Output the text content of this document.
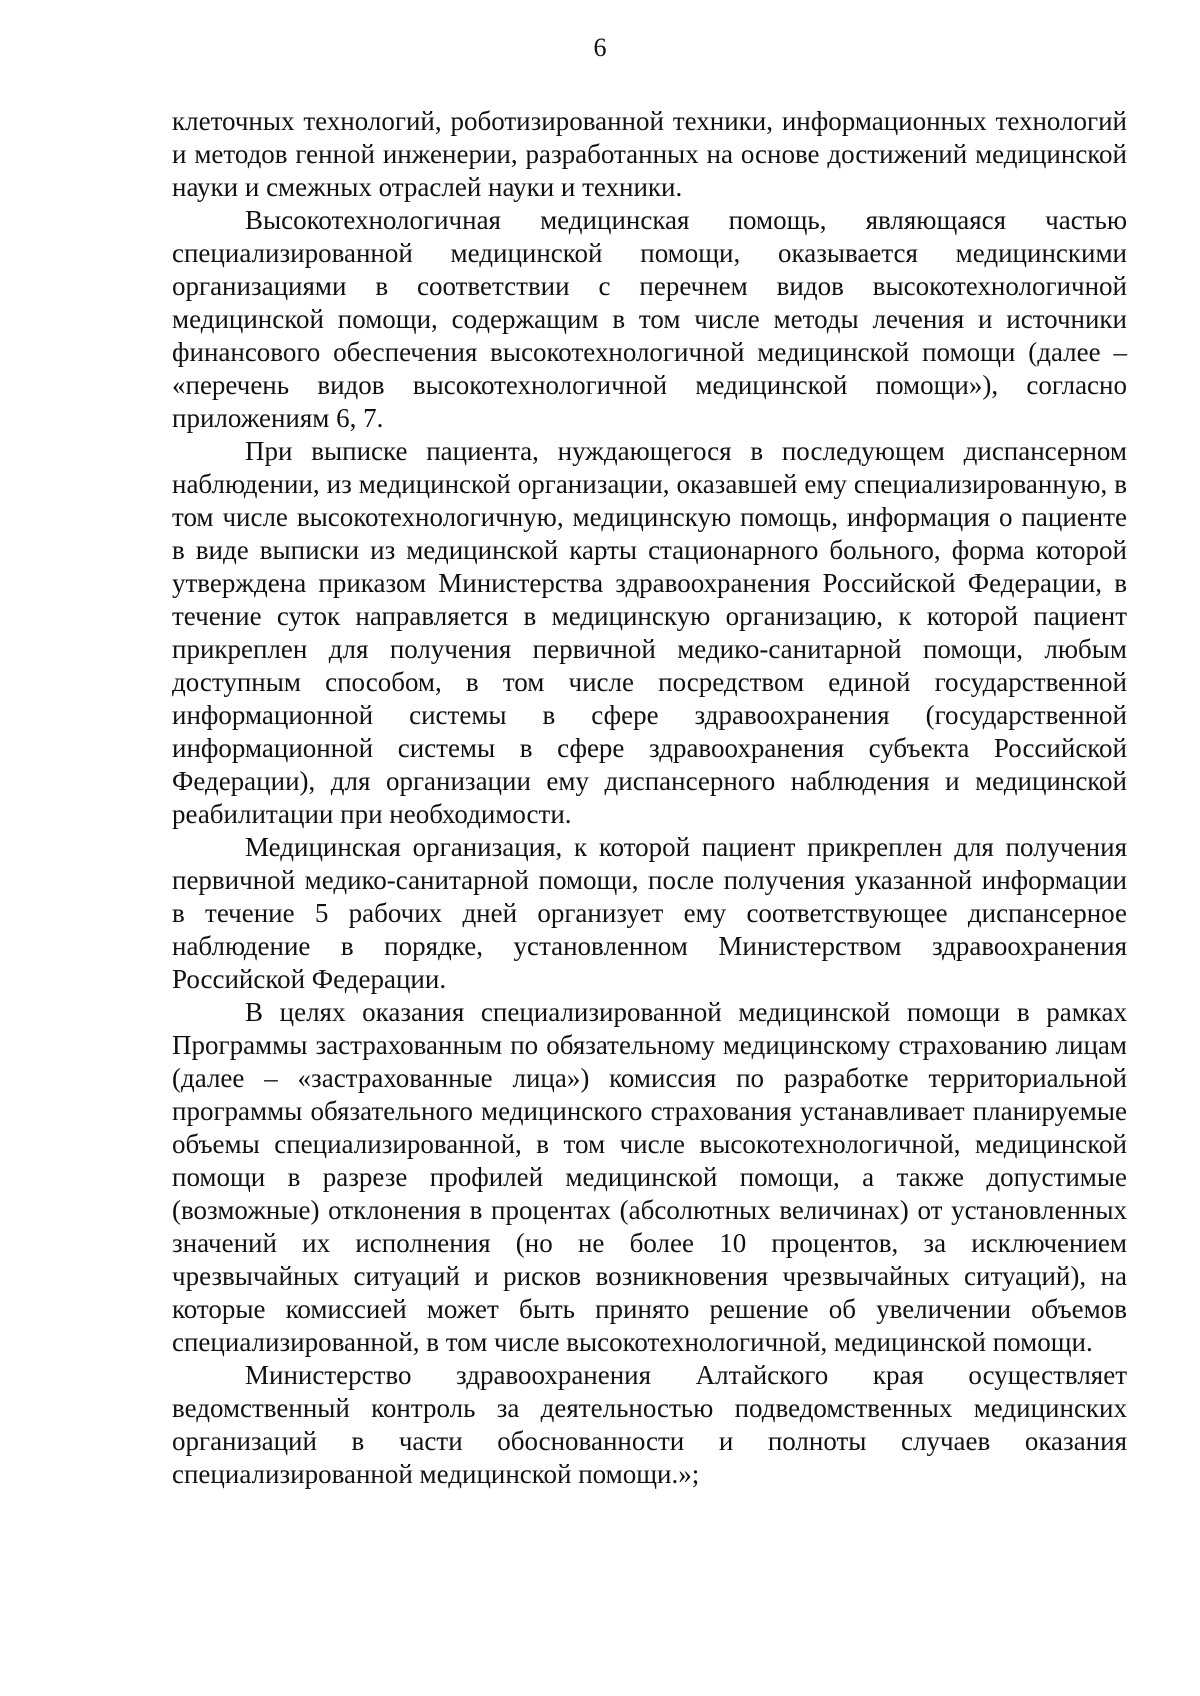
6

клеточных технологий, роботизированной техники, информационных технологий и методов генной инженерии, разработанных на основе достижений медицинской науки и смежных отраслей науки и техники.

Высокотехнологичная медицинская помощь, являющаяся частью специализированной медицинской помощи, оказывается медицинскими организациями в соответствии с перечнем видов высокотехнологичной медицинской помощи, содержащим в том числе методы лечения и источники финансового обеспечения высокотехнологичной медицинской помощи (далее – «перечень видов высокотехнологичной медицинской помощи»), согласно приложениям 6, 7.

При выписке пациента, нуждающегося в последующем диспансерном наблюдении, из медицинской организации, оказавшей ему специализированную, в том числе высокотехнологичную, медицинскую помощь, информация о пациенте в виде выписки из медицинской карты стационарного больного, форма которой утверждена приказом Министерства здравоохранения Российской Федерации, в течение суток направляется в медицинскую организацию, к которой пациент прикреплен для получения первичной медико-санитарной помощи, любым доступным способом, в том числе посредством единой государственной информационной системы в сфере здравоохранения (государственной информационной системы в сфере здравоохранения субъекта Российской Федерации), для организации ему диспансерного наблюдения и медицинской реабилитации при необходимости.

Медицинская организация, к которой пациент прикреплен для получения первичной медико-санитарной помощи, после получения указанной информации в течение 5 рабочих дней организует ему соответствующее диспансерное наблюдение в порядке, установленном Министерством здравоохранения Российской Федерации.

В целях оказания специализированной медицинской помощи в рамках Программы застрахованным по обязательному медицинскому страхованию лицам (далее – «застрахованные лица») комиссия по разработке территориальной программы обязательного медицинского страхования устанавливает планируемые объемы специализированной, в том числе высокотехнологичной, медицинской помощи в разрезе профилей медицинской помощи, а также допустимые (возможные) отклонения в процентах (абсолютных величинах) от установленных значений их исполнения (но не более 10 процентов, за исключением чрезвычайных ситуаций и рисков возникновения чрезвычайных ситуаций), на которые комиссией может быть принято решение об увеличении объемов специализированной, в том числе высокотехнологичной, медицинской помощи.

Министерство здравоохранения Алтайского края осуществляет ведомственный контроль за деятельностью подведомственных медицинских организаций в части обоснованности и полноты случаев оказания специализированной медицинской помощи.»;
